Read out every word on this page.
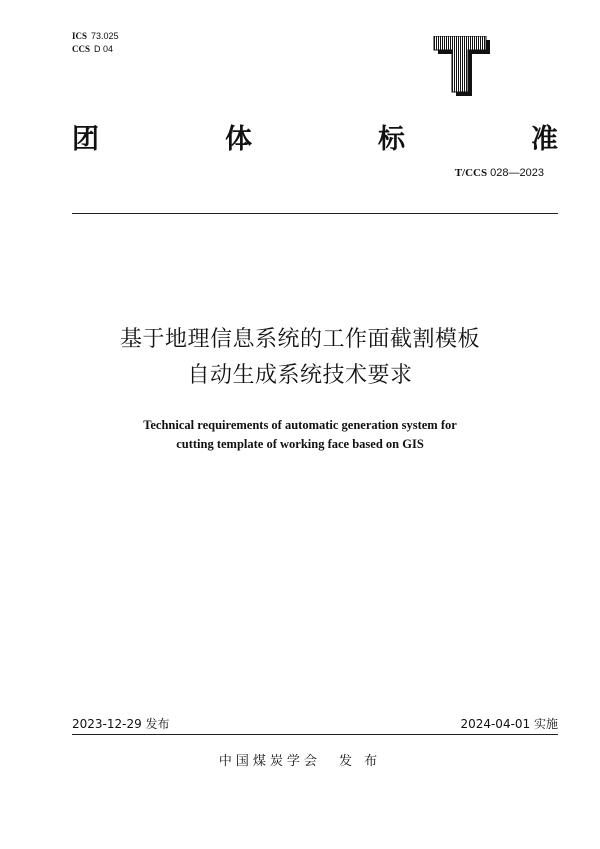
ICS 73.025
CCS D 04
团	体	标	准
T/CCS 028—2023
基于地理信息系统的工作面截割模板
自动生成系统技术要求
Technical requirements of automatic generation system for
cutting template of working face based on GIS
2023-12-29 发布	2024-04-01 实施
中国煤炭学会 发 布
